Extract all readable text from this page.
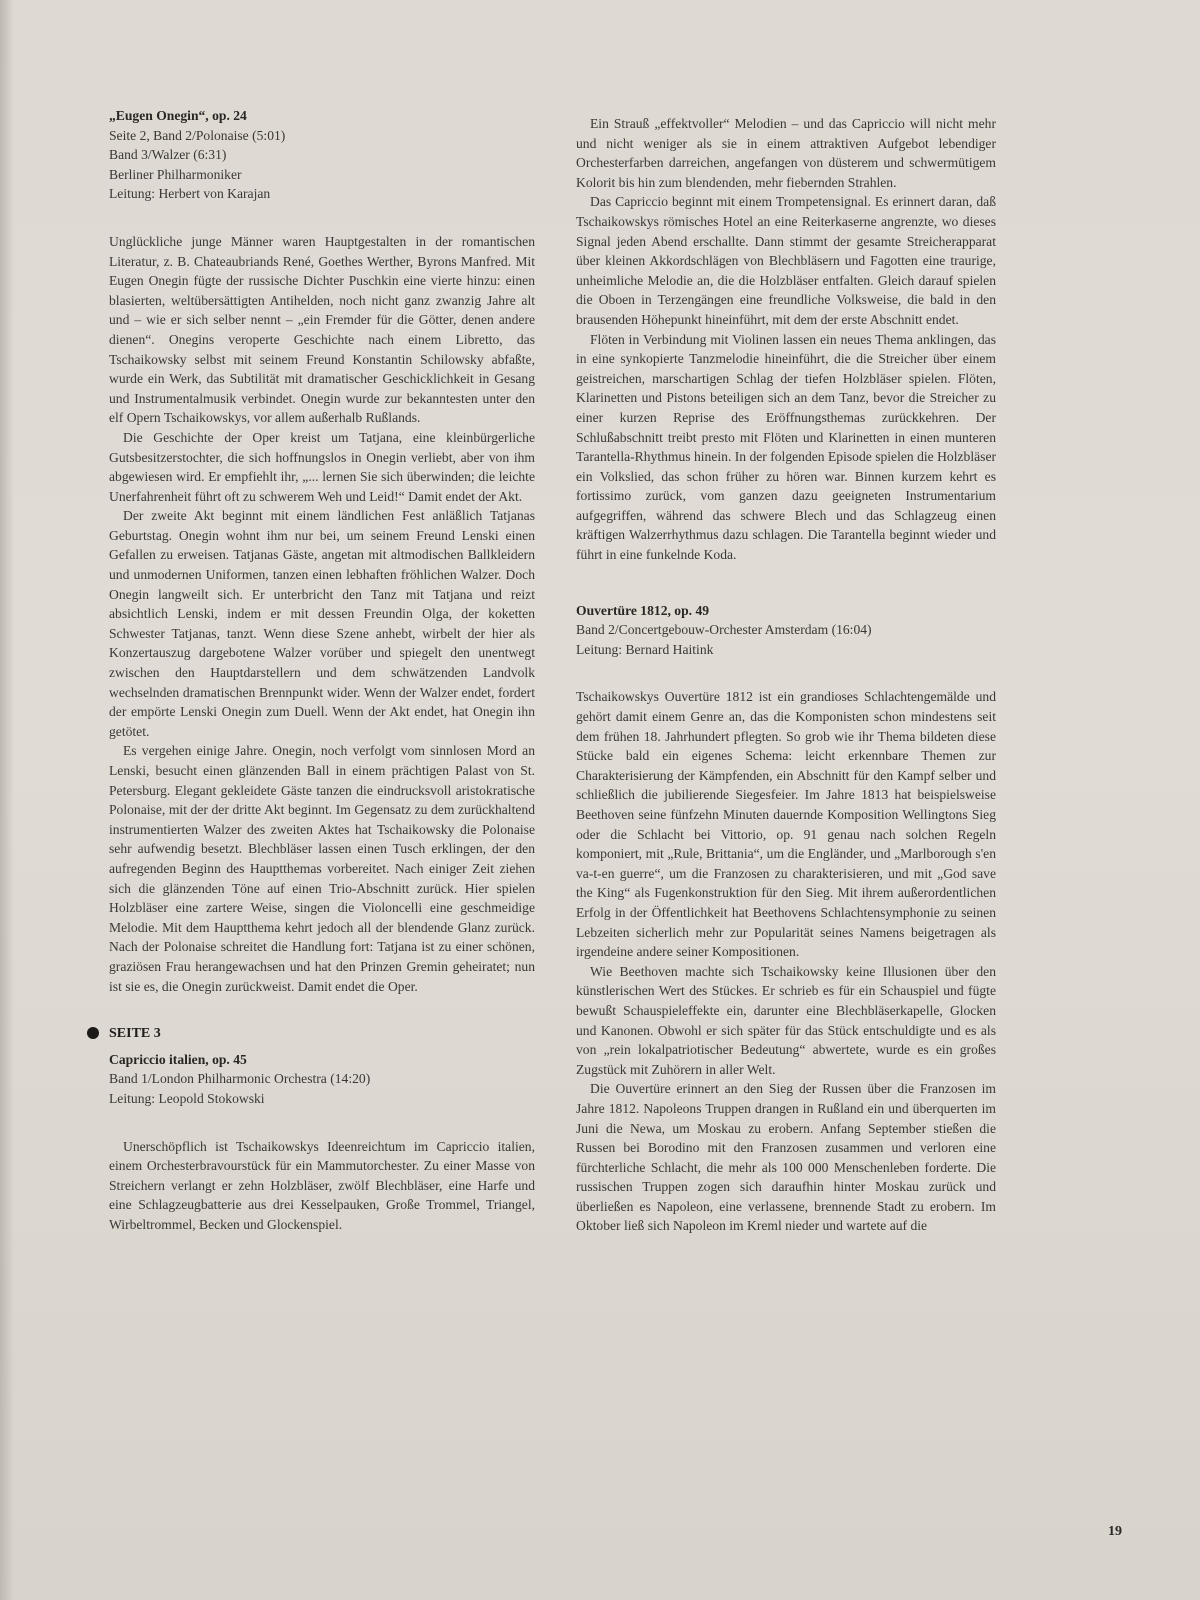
„Eugen Onegin“, op. 24
Seite 2, Band 2/Polonaise (5:01)
Band 3/Walzer (6:31)
Berliner Philharmoniker
Leitung: Herbert von Karajan

Unglückliche junge Männer waren Hauptgestalten in der romantischen Literatur, z. B. Chateaubriands René, Goethes Werther, Byrons Manfred. Mit Eugen Onegin fügte der russische Dichter Puschkin eine vierte hinzu: einen blasierten, weltübersättigten Antihelden, noch nicht ganz zwanzig Jahre alt und – wie er sich selber nennt – „ein Fremder für die Götter, denen andere dienen“. Onegins veroperte Geschichte nach einem Libretto, das Tschaikowsky selbst mit seinem Freund Konstantin Schilowsky abfaßte, wurde ein Werk, das Subtilität mit dramatischer Geschicklichkeit in Gesang und Instrumentalmusik verbindet. Onegin wurde zur bekanntesten unter den elf Opern Tschaikowskys, vor allem außerhalb Rußlands.

Die Geschichte der Oper kreist um Tatjana, eine kleinbürgerliche Gutsbesitzerstochter, die sich hoffnungslos in Onegin verliebt, aber von ihm abgewiesen wird. Er empfiehlt ihr, „... lernen Sie sich überwinden; die leichte Unerfahrenheit führt oft zu schwerem Weh und Leid!“ Damit endet der Akt.

Der zweite Akt beginnt mit einem ländlichen Fest anläßlich Tatjanas Geburtstag. Onegin wohnt ihm nur bei, um seinem Freund Lenski einen Gefallen zu erweisen. Tatjanas Gäste, angetan mit altmodischen Ballkleidern und unmodernen Uniformen, tanzen einen lebhaften fröhlichen Walzer. Doch Onegin langweilt sich. Er unterbricht den Tanz mit Tatjana und reizt absichtlich Lenski, indem er mit dessen Freundin Olga, der koketten Schwester Tatjanas, tanzt. Wenn diese Szene anhebt, wirbelt der hier als Konzertauszug dargebotene Walzer vorüber und spiegelt den unentwegt zwischen den Hauptdarstellern und dem schwätzenden Landvolk wechselnden dramatischen Brennpunkt wider. Wenn der Walzer endet, fordert der empörte Lenski Onegin zum Duell. Wenn der Akt endet, hat Onegin ihn getötet.

Es vergehen einige Jahre. Onegin, noch verfolgt vom sinnlosen Mord an Lenski, besucht einen glänzenden Ball in einem prächtigen Palast von St. Petersburg. Elegant gekleidete Gäste tanzen die eindrucksvoll aristokratische Polonaise, mit der der dritte Akt beginnt. Im Gegensatz zu dem zurückhaltend instrumentierten Walzer des zweiten Aktes hat Tschaikowsky die Polonaise sehr aufwendig besetzt. Blechbläser lassen einen Tusch erklingen, der den aufregenden Beginn des Hauptthemas vorbereitet. Nach einiger Zeit ziehen sich die glänzenden Töne auf einen Trio-Abschnitt zurück. Hier spielen Holzbläser eine zartere Weise, singen die Violoncelli eine geschmeidige Melodie. Mit dem Hauptthema kehrt jedoch all der blendende Glanz zurück. Nach der Polonaise schreitet die Handlung fort: Tatjana ist zu einer schönen, graziösen Frau herangewachsen und hat den Prinzen Gremin geheiratet; nun ist sie es, die Onegin zurückweist. Damit endet die Oper.

SEITE 3
Capriccio italien, op. 45
Band 1/London Philharmonic Orchestra (14:20)
Leitung: Leopold Stokowski

Unerschöpflich ist Tschaikowskys Ideenreichtum im Capriccio italien, einem Orchesterbravourstück für ein Mammutorchester. Zu einer Masse von Streichern verlangt er zehn Holzbläser, zwölf Blechbläser, eine Harfe und eine Schlagzeugbatterie aus drei Kesselpauken, Große Trommel, Triangel, Wirbeltrommel, Becken und Glockenspiel.

Ein Strauß „effektvoller“ Melodien – und das Capriccio will nicht mehr und nicht weniger als sie in einem attraktiven Aufgebot lebendiger Orchesterfarben darreichen, angefangen von düsterem und schwermütigem Kolorit bis hin zum blendenden, mehr fiebernden Strahlen.

Das Capriccio beginnt mit einem Trompetensignal. Es erinnert daran, daß Tschaikowskys römisches Hotel an eine Reiterkaserne angrenzte, wo dieses Signal jeden Abend erschallte. Dann stimmt der gesamte Streicherapparat über kleinen Akkordschlägen von Blechbläsern und Fagotten eine traurige, unheimliche Melodie an, die die Holzbläser entfalten. Gleich darauf spielen die Oboen in Terzengängen eine freundliche Volksweise, die bald in den brausenden Höhepunkt hineinführt, mit dem der erste Abschnitt endet.

Flöten in Verbindung mit Violinen lassen ein neues Thema anklingen, das in eine synkopierte Tanzmelodie hineinführt, die die Streicher über einem geistreichen, marschartigen Schlag der tiefen Holzbläser spielen. Flöten, Klarinetten und Pistons beteiligen sich an dem Tanz, bevor die Streicher zu einer kurzen Reprise des Eröffnungsthemas zurückkehren. Der Schlußabschnitt treibt presto mit Flöten und Klarinetten in einen munteren Tarantella-Rhythmus hinein. In der folgenden Episode spielen die Holzbläser ein Volkslied, das schon früher zu hören war. Binnen kurzem kehrt es fortissimo zurück, vom ganzen dazu geeigneten Instrumentarium aufgegriffen, während das schwere Blech und das Schlagzeug einen kräftigen Walzerrhythmus dazu schlagen. Die Tarantella beginnt wieder und führt in eine funkelnde Koda.

Ouvertüre 1812, op. 49
Band 2/Concertgebouw-Orchester Amsterdam (16:04)
Leitung: Bernard Haitink

Tschaikowskys Ouvertüre 1812 ist ein grandioses Schlachtengemälde und gehört damit einem Genre an, das die Komponisten schon mindestens seit dem frühen 18. Jahrhundert pflegten. So grob wie ihr Thema bildeten diese Stücke bald ein eigenes Schema: leicht erkennbare Themen zur Charakterisierung der Kämpfenden, ein Abschnitt für den Kampf selber und schließlich die jubilierende Siegesfeier. Im Jahre 1813 hat beispielsweise Beethoven seine fünfzehn Minuten dauernde Komposition Wellingtons Sieg oder die Schlacht bei Vittorio, op. 91 genau nach solchen Regeln komponiert, mit „Rule, Brittania“, um die Engländer, und „Marlborough s'en va-t-en guerre“, um die Franzosen zu charakterisieren, und mit „God save the King“ als Fugenkonstruktion für den Sieg. Mit ihrem außerordentlichen Erfolg in der Öffentlichkeit hat Beethovens Schlachtensymphonie zu seinen Lebzeiten sicherlich mehr zur Popularität seines Namens beigetragen als irgendeine andere seiner Kompositionen.

Wie Beethoven machte sich Tschaikowsky keine Illusionen über den künstlerischen Wert des Stückes. Er schrieb es für ein Schauspiel und fügte bewußt Schauspieleffekte ein, darunter eine Blechbläserkapelle, Glocken und Kanonen. Obwohl er sich später für das Stück entschuldigte und es als von „rein lokalpatriotischer Bedeutung“ abwertete, wurde es ein großes Zugstück mit Zuhörern in aller Welt.

Die Ouvertüre erinnert an den Sieg der Russen über die Franzosen im Jahre 1812. Napoleons Truppen drangen in Rußland ein und überquerten im Juni die Newa, um Moskau zu erobern. Anfang September stießen die Russen bei Borodino mit den Franzosen zusammen und verloren eine fürchterliche Schlacht, die mehr als 100 000 Menschenleben forderte. Die russischen Truppen zogen sich daraufhin hinter Moskau zurück und überließen es Napoleon, eine verlassene, brennende Stadt zu erobern. Im Oktober ließ sich Napoleon im Kreml nieder und wartete auf die

19
